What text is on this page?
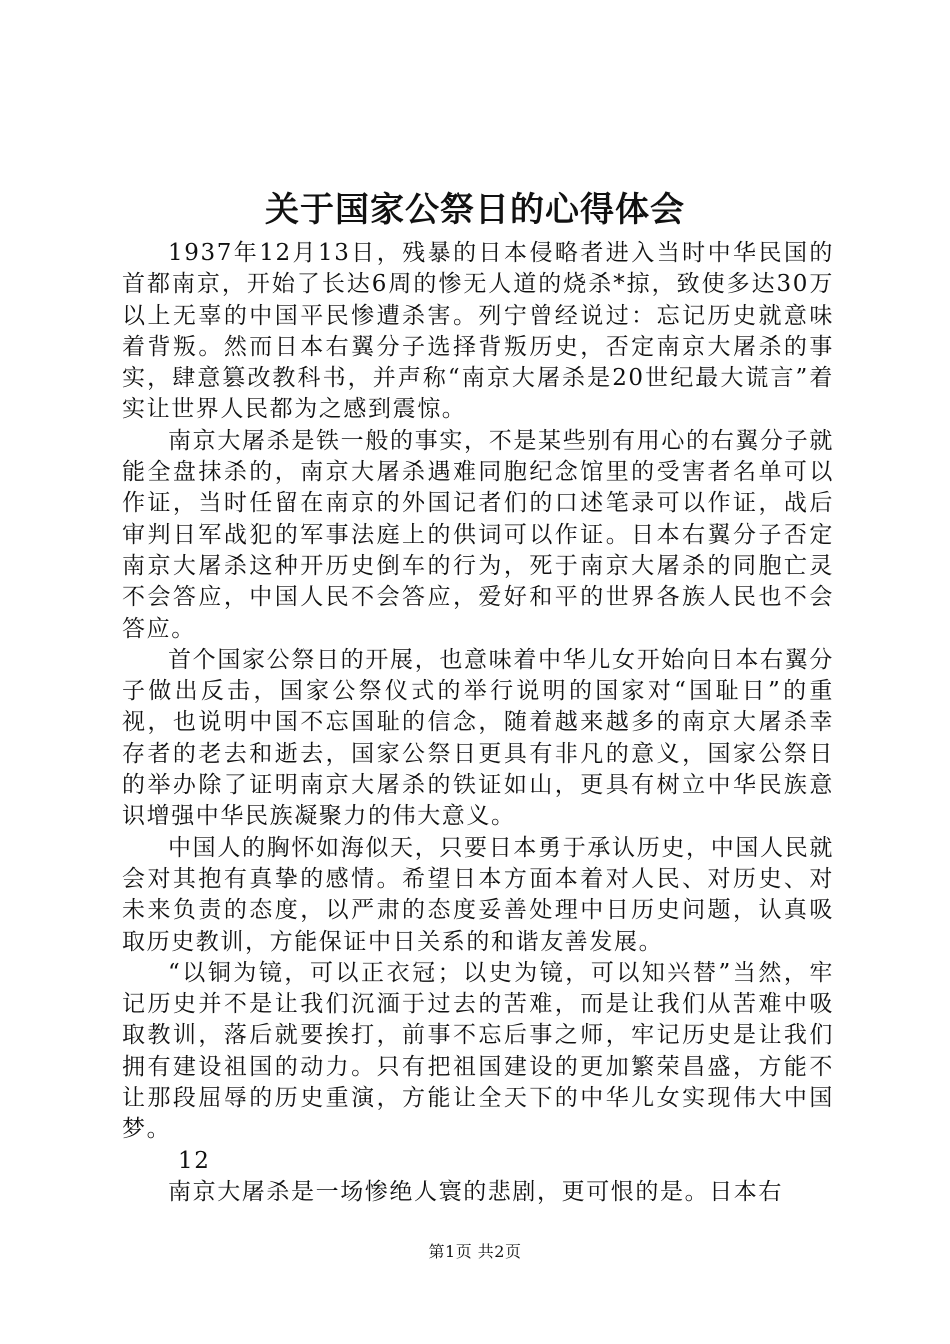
关于国家公祭日的心得体会

1937年12月13日，残暴的日本侵略者进入当时中华民国的首都南京，开始了长达6周的惨无人道的烧杀*掠，致使多达30万以上无辜的中国平民惨遭杀害。列宁曾经说过：忘记历史就意味着背叛。然而日本右翼分子选择背叛历史，否定南京大屠杀的事实，肆意篡改教科书，并声称“南京大屠杀是20世纪最大谎言”着实让世界人民都为之感到震惊。

南京大屠杀是铁一般的事实，不是某些别有用心的右翼分子就能全盘抹杀的，南京大屠杀遇难同胞纪念馆里的受害者名单可以作证，当时任留在南京的外国记者们的口述笔录可以作证，战后审判日军战犯的军事法庭上的供词可以作证。日本右翼分子否定南京大屠杀这种开历史倒车的行为，死于南京大屠杀的同胞亡灵不会答应，中国人民不会答应，爱好和平的世界各族人民也不会答应。

首个国家公祭日的开展，也意味着中华儿女开始向日本右翼分子做出反击，国家公祭仪式的举行说明的国家对“国耻日”的重视，也说明中国不忘国耻的信念，随着越来越多的南京大屠杀幸存者的老去和逝去，国家公祭日更具有非凡的意义，国家公祭日的举办除了证明南京大屠杀的铁证如山，更具有树立中华民族意识增强中华民族凝聚力的伟大意义。

中国人的胸怀如海似天，只要日本勇于承认历史，中国人民就会对其抱有真挚的感情。希望日本方面本着对人民、对历史、对未来负责的态度，以严肃的态度妥善处理中日历史问题，认真吸取历史教训，方能保证中日关系的和谐友善发展。

“以铜为镜，可以正衣冠；以史为镜，可以知兴替”当然，牢记历史并不是让我们沉湎于过去的苦难，而是让我们从苦难中吸取教训，落后就要挨打，前事不忘后事之师，牢记历史是让我们拥有建设祖国的动力。只有把祖国建设的更加繁荣昌盛，方能不让那段屈辱的历史重演，方能让全天下的中华儿女实现伟大中国梦。

12

南京大屠杀是一场惨绝人寰的悲剧，更可恨的是。日本右

第1页 共2页
